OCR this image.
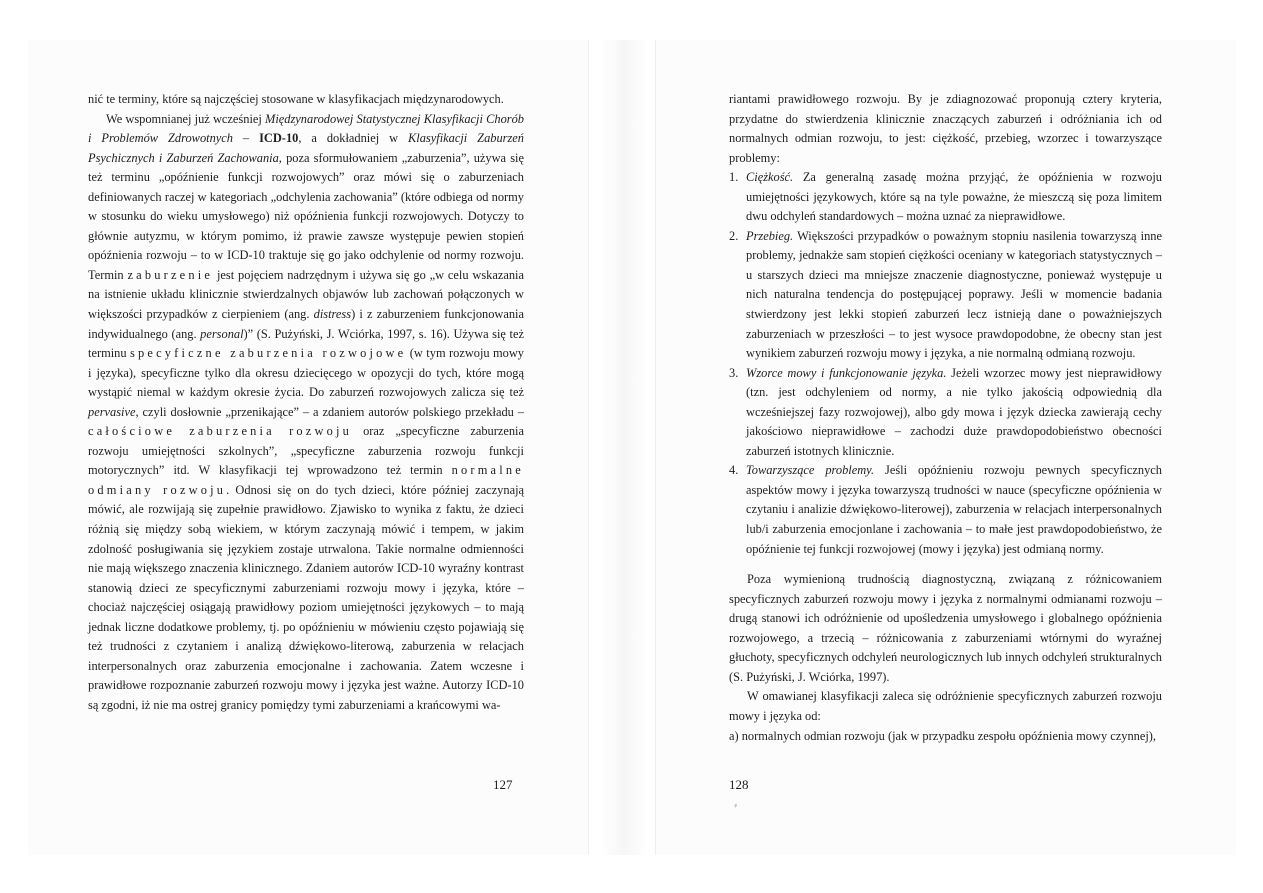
nić te terminy, które są najczęściej stosowane w klasyfikacjach międzynarodowych.

We wspomnianej już wcześniej Międzynarodowej Statystycznej Klasyfikacji Chorób i Problemów Zdrowotnych – ICD-10, a dokładniej w Klasyfikacji Zaburzeń Psychicznych i Zaburzeń Zachowania, poza sformułowaniem „zaburzenia”, używa się też terminu „opóźnienie funkcji rozwojowych” oraz mówi się o zaburzeniach definiowanych raczej w kategoriach „odchylenia zachowania” (które odbiega od normy w stosunku do wieku umysłowego) niż opóźnienia funkcji rozwojowych. Dotyczy to głównie autyzmu, w którym pomimo, iż prawie zawsze występuje pewien stopień opóźnienia rozwoju – to w ICD-10 traktuje się go jako odchylenie od normy rozwoju. Termin zaburzenie jest pojęciem nadrzędnym i używa się go „w celu wskazania na istnienie układu klinicznie stwierdzalnych objawów lub zachowań połączonych w większości przypadków z cierpieniem (ang. distress) i z zaburzeniem funkcjonowania indywidualnego (ang. personal)” (S. Pużyński, J. Wciórka, 1997, s. 16). Używa się też terminu specyficzne zaburzenia rozwojowe (w tym rozwoju mowy i języka), specyficzne tylko dla okresu dziecięcego w opozycji do tych, które mogą wystąpić niemal w każdym okresie życia. Do zaburzeń rozwojowych zalicza się też pervasive, czyli dosłownie „przenikające” – a zdaniem autorów polskiego przekładu – całościowe zaburzenia rozwoju oraz „specyficzne zaburzenia rozwoju umiejętności szkolnych”, „specyficzne zaburzenia rozwoju funkcji motorycznych” itd. W klasyfikacji tej wprowadzono też termin normalne odmiany rozwoju. Odnosi się on do tych dzieci, które później zaczynają mówić, ale rozwijają się zupełnie prawidłowo. Zjawisko to wynika z faktu, że dzieci różnią się między sobą wiekiem, w którym zaczynają mówić i tempem, w jakim zdolność posługiwania się językiem zostaje utrwalona. Takie normalne odmienności nie mają większego znaczenia klinicznego. Zdaniem autorów ICD-10 wyraźny kontrast stanowią dzieci ze specyficznymi zaburzeniami rozwoju mowy i języka, które – chociaż najczęściej osiągają prawidłowy poziom umiejętności językowych – to mają jednak liczne dodatkowe problemy, tj. po opóźnieniu w mówieniu często pojawiają się też trudności z czytaniem i analizą dźwiękowo-literową, zaburzenia w relacjach interpersonalnych oraz zaburzenia emocjonalne i zachowania. Zatem wczesne i prawidłowe rozpoznanie zaburzeń rozwoju mowy i języka jest ważne. Autorzy ICD-10 są zgodni, iż nie ma ostrej granicy pomiędzy tymi zaburzeniami a krańcowymi wa-

127

riantami prawidłowego rozwoju. By je zdiagnozować proponują cztery kryteria, przydatne do stwierdzenia klinicznie znaczących zaburzeń i odróżniania ich od normalnych odmian rozwoju, to jest: ciężkość, przebieg, wzorzec i towarzyszące problemy:

1. Ciężkość. Za generalną zasadę można przyjąć, że opóźnienia w rozwoju umiejętności językowych, które są na tyle poważne, że mieszczą się poza limitem dwu odchyleń standardowych – można uznać za nieprawidłowe.
2. Przebieg. Większości przypadków o poważnym stopniu nasilenia towarzyszą inne problemy, jednakże sam stopień ciężkości oceniany w kategoriach statystycznych – u starszych dzieci ma mniejsze znaczenie diagnostyczne, ponieważ występuje u nich naturalna tendencja do postępującej poprawy. Jeśli w momencie badania stwierdzony jest lekki stopień zaburzeń lecz istnieją dane o poważniejszych zaburzeniach w przeszłości – to jest wysoce prawdopodobne, że obecny stan jest wynikiem zaburzeń rozwoju mowy i języka, a nie normalną odmianą rozwoju.
3. Wzorce mowy i funkcjonowanie języka. Jeżeli wzorzec mowy jest nieprawidłowy (tzn. jest odchyleniem od normy, a nie tylko jakością odpowiednią dla wcześniejszej fazy rozwojowej), albo gdy mowa i język dziecka zawierają cechy jakościowo nieprawidłowe – zachodzi duże prawdopodobieństwo obecności zaburzeń istotnych klinicznie.
4. Towarzyszące problemy. Jeśli opóźnieniu rozwoju pewnych specyficznych aspektów mowy i języka towarzyszą trudności w nauce (specyficzne opóźnienia w czytaniu i analizie dźwiękowo-literowej), zaburzenia w relacjach interpersonalnych lub/i zaburzenia emocjonlane i zachowania – to małe jest prawdopodobieństwo, że opóźnienie tej funkcji rozwojowej (mowy i języka) jest odmianą normy.

Poza wymienioną trudnością diagnostyczną, związaną z różnicowaniem specyficznych zaburzeń rozwoju mowy i języka z normalnymi odmianami rozwoju – drugą stanowi ich odróżnienie od upośledzenia umysłowego i globalnego opóźnienia rozwojowego, a trzecią – różnicowania z zaburzeniami wtórnymi do wyraźnej głuchoty, specyficznych odchyleń neurologicznych lub innych odchyleń strukturalnych (S. Pużyński, J. Wciórka, 1997).

W omawianej klasyfikacji zaleca się odróżnienie specyficznych zaburzeń rozwoju mowy i języka od:

a) normalnych odmian rozwoju (jak w przypadku zespołu opóźnienia mowy czynnej),

128
⸗
